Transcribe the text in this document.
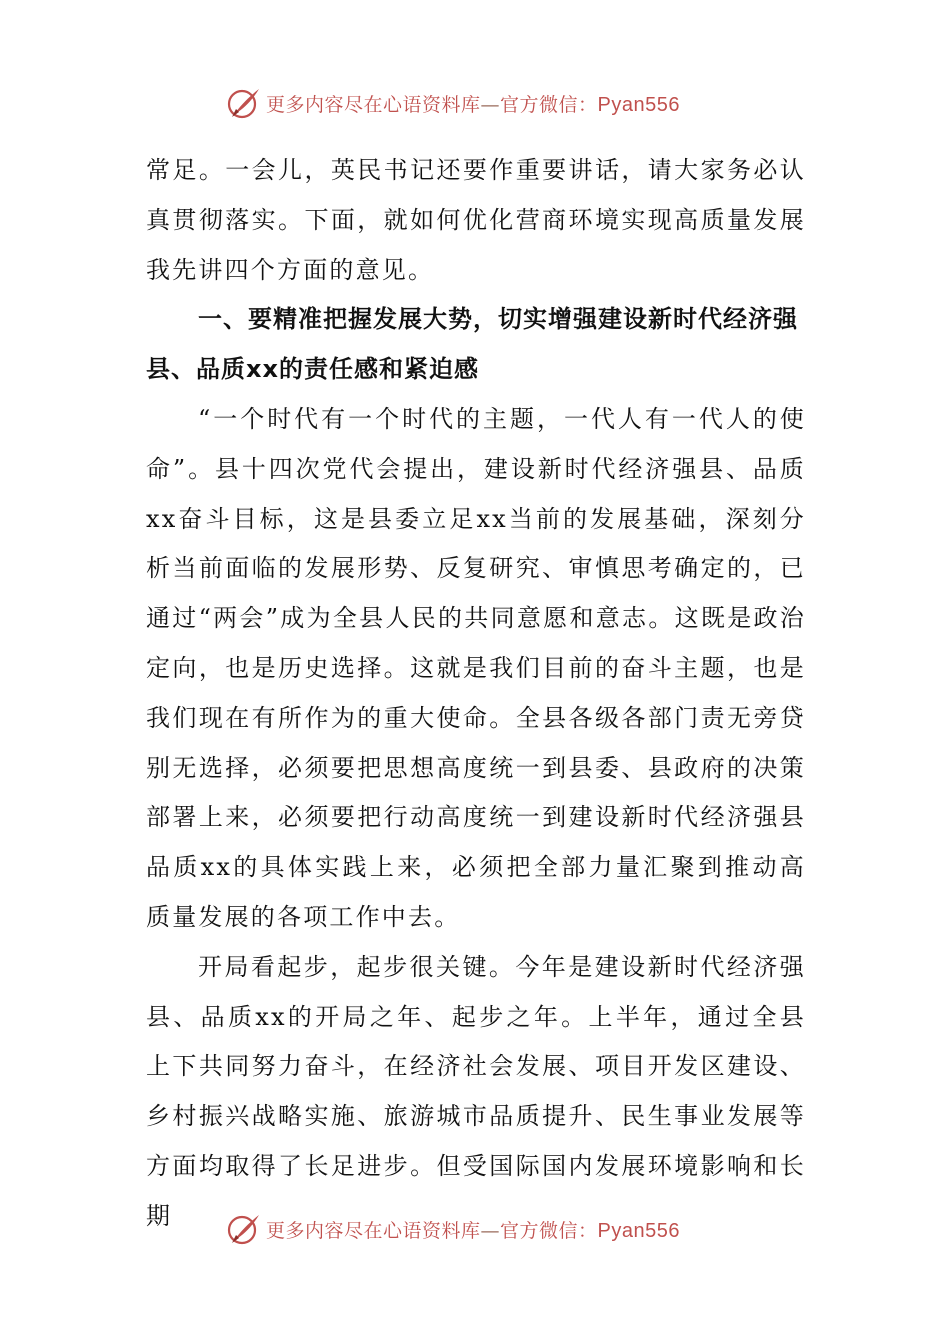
更多内容尽在心语资料库—官方微信：Pyan556

常足。一会儿，英民书记还要作重要讲话，请大家务必认真贯彻落实。下面，就如何优化营商环境实现高质量发展我先讲四个方面的意见。

一、要精准把握发展大势，切实增强建设新时代经济强县、品质xx的责任感和紧迫感

“一个时代有一个时代的主题，一代人有一代人的使命”。县十四次党代会提出，建设新时代经济强县、品质xx奋斗目标，这是县委立足xx当前的发展基础，深刻分析当前面临的发展形势、反复研究、审慎思考确定的，已通过“两会”成为全县人民的共同意愿和意志。这既是政治定向，也是历史选择。这就是我们目前的奋斗主题，也是我们现在有所作为的重大使命。全县各级各部门责无旁贷别无选择，必须要把思想高度统一到县委、县政府的决策部署上来，必须要把行动高度统一到建设新时代经济强县品质xx的具体实践上来，必须把全部力量汇聚到推动高质量发展的各项工作中去。

开局看起步，起步很关键。今年是建设新时代经济强县、品质xx的开局之年、起步之年。上半年，通过全县上下共同努力奋斗，在经济社会发展、项目开发区建设、乡村振兴战略实施、旅游城市品质提升、民生事业发展等方面均取得了长足进步。但受国际国内发展环境影响和长期

更多内容尽在心语资料库—官方微信：Pyan556
